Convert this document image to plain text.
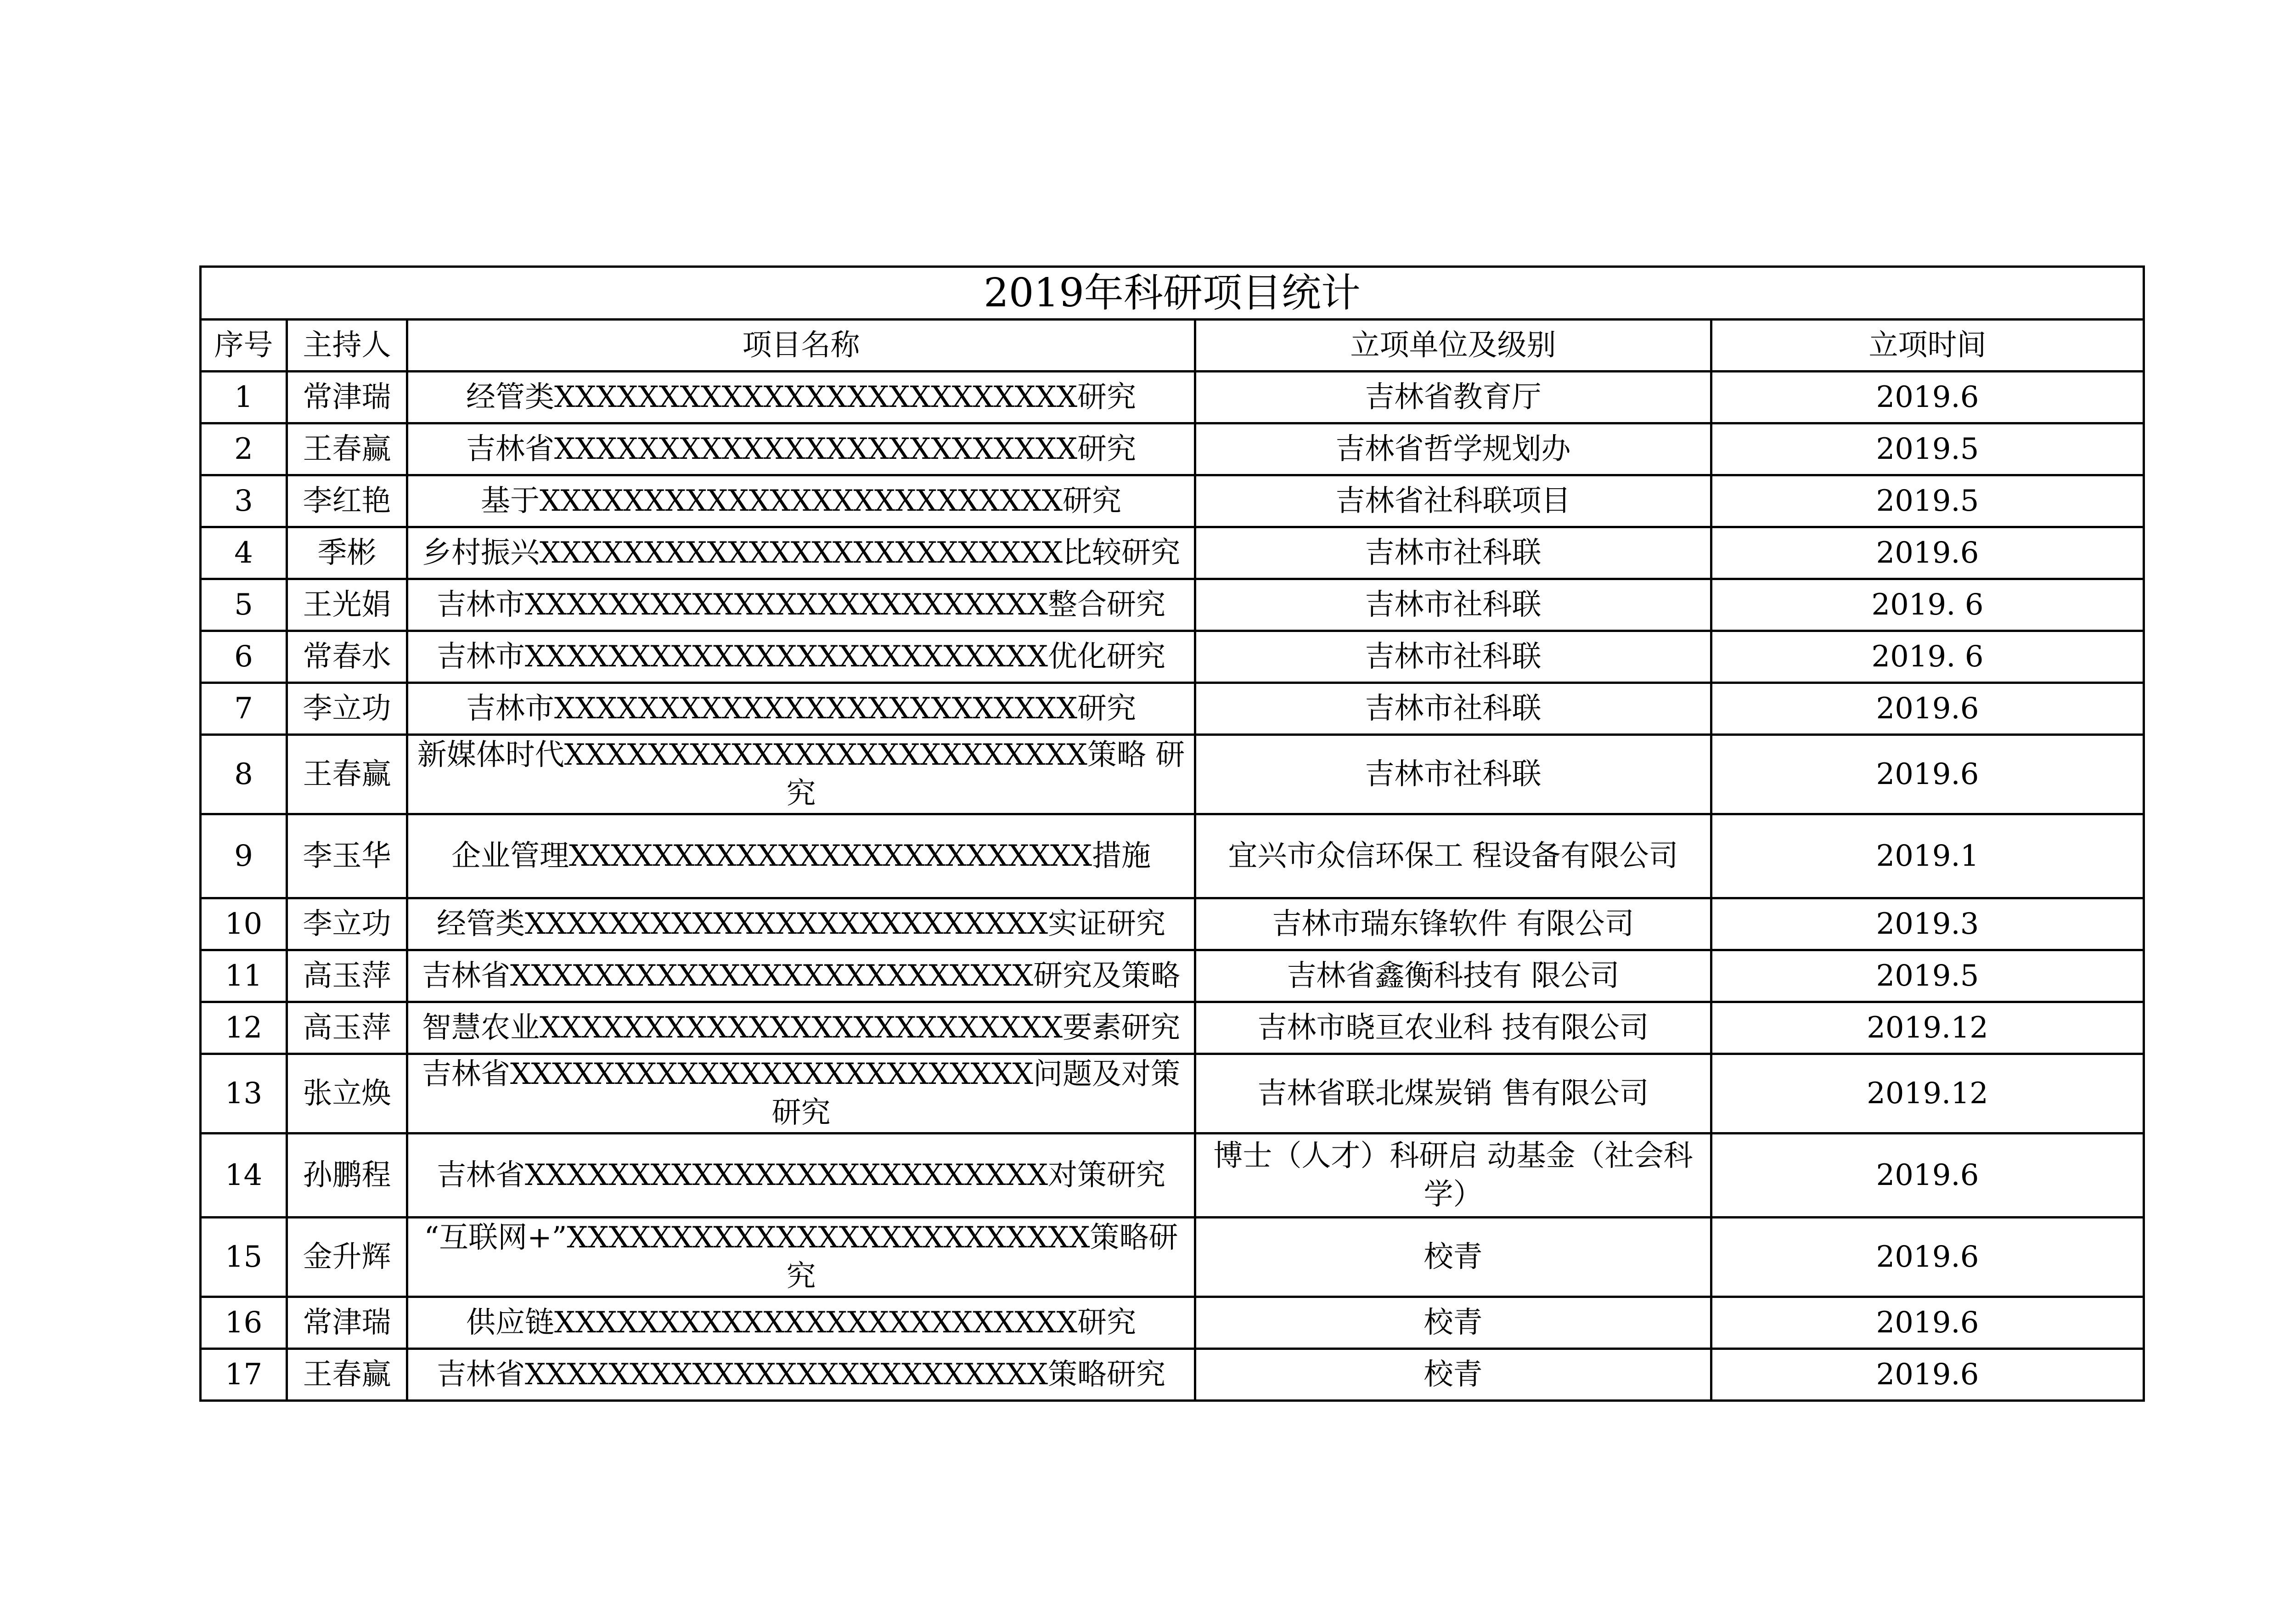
2019年科研项目统计				
序号	主持人	项目名称	立项单位及级别	立项时间
1	常津瑞	经管类XXXXXXXXXXXXXXXXXXXXXXXXX研究	吉林省教育厅	2019.6
2	王春赢	吉林省XXXXXXXXXXXXXXXXXXXXXXXXX研究	吉林省哲学规划办	2019.5
3	李红艳	基于XXXXXXXXXXXXXXXXXXXXXXXXX研究	吉林省社科联项目	2019.5
4	季彬	乡村振兴XXXXXXXXXXXXXXXXXXXXXXXXX比较研究	吉林市社科联	2019.6
5	王光娟	吉林市XXXXXXXXXXXXXXXXXXXXXXXXX整合研究	吉林市社科联	2019. 6
6	常春水	吉林市XXXXXXXXXXXXXXXXXXXXXXXXX优化研究	吉林市社科联	2019. 6
7	李立功	吉林市XXXXXXXXXXXXXXXXXXXXXXXXX研究	吉林市社科联	2019.6
8	王春赢	新媒体时代XXXXXXXXXXXXXXXXXXXXXXXXX策略 研究	吉林市社科联	2019.6
9	李玉华	企业管理XXXXXXXXXXXXXXXXXXXXXXXXX措施	宜兴市众信环保工 程设备有限公司	2019.1
10	李立功	经管类XXXXXXXXXXXXXXXXXXXXXXXXX实证研究	吉林市瑞东锋软件 有限公司	2019.3
11	高玉萍	吉林省XXXXXXXXXXXXXXXXXXXXXXXXX研究及策略	吉林省鑫衡科技有 限公司	2019.5
12	高玉萍	智慧农业XXXXXXXXXXXXXXXXXXXXXXXXX要素研究	吉林市晓亘农业科 技有限公司	2019.12
13	张立焕	吉林省XXXXXXXXXXXXXXXXXXXXXXXXX问题及对策研究	吉林省联北煤炭销 售有限公司	2019.12
14	孙鹏程	吉林省XXXXXXXXXXXXXXXXXXXXXXXXX对策研究	博士（人才）科研启 动基金（社会科学）	2019.6
15	金升辉	“互联网+”XXXXXXXXXXXXXXXXXXXXXXXXX策略研究	校青	2019.6
16	常津瑞	供应链XXXXXXXXXXXXXXXXXXXXXXXXX研究	校青	2019.6
17	王春赢	吉林省XXXXXXXXXXXXXXXXXXXXXXXXX策略研究	校青	2019.6
